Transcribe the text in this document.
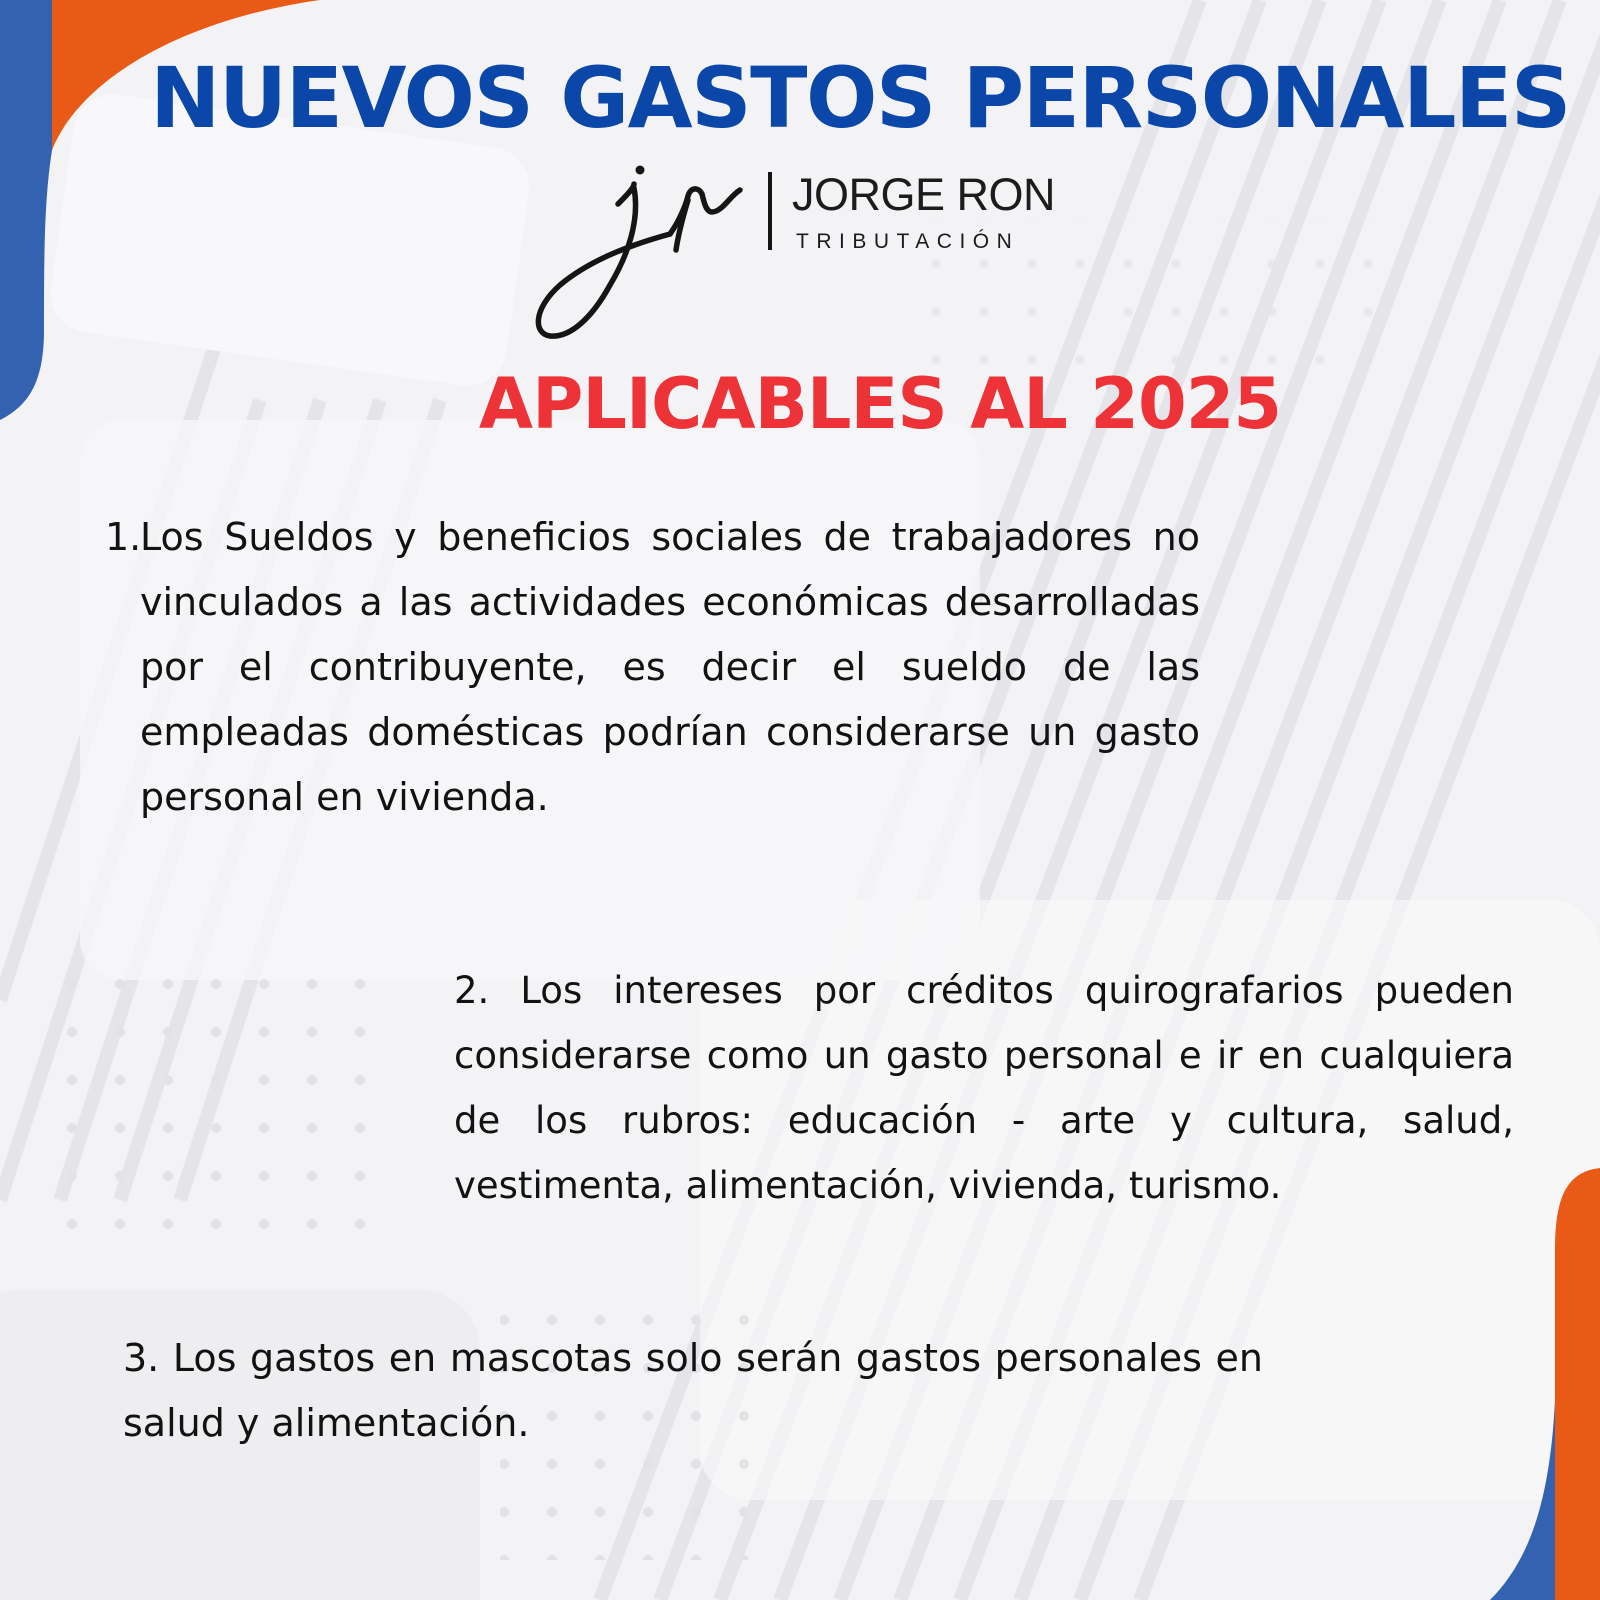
NUEVOS GASTOS PERSONALES
JORGE RON
TRIBUTACIÓN
APLICABLES AL 2025

1.
Los Sueldos y beneficios sociales de trabajadores no vinculados a las actividades económicas desarrolladas por el contribuyente, es decir el sueldo de las empleadas domésticas podrían considerarse un gasto personal en vivienda.

2. Los intereses por créditos quirografarios pueden considerarse como un gasto personal e ir en cualquiera de los rubros: educación - arte y cultura, salud, vestimenta, alimentación, vivienda, turismo.

3. Los gastos en mascotas solo serán gastos personales en salud y alimentación.
